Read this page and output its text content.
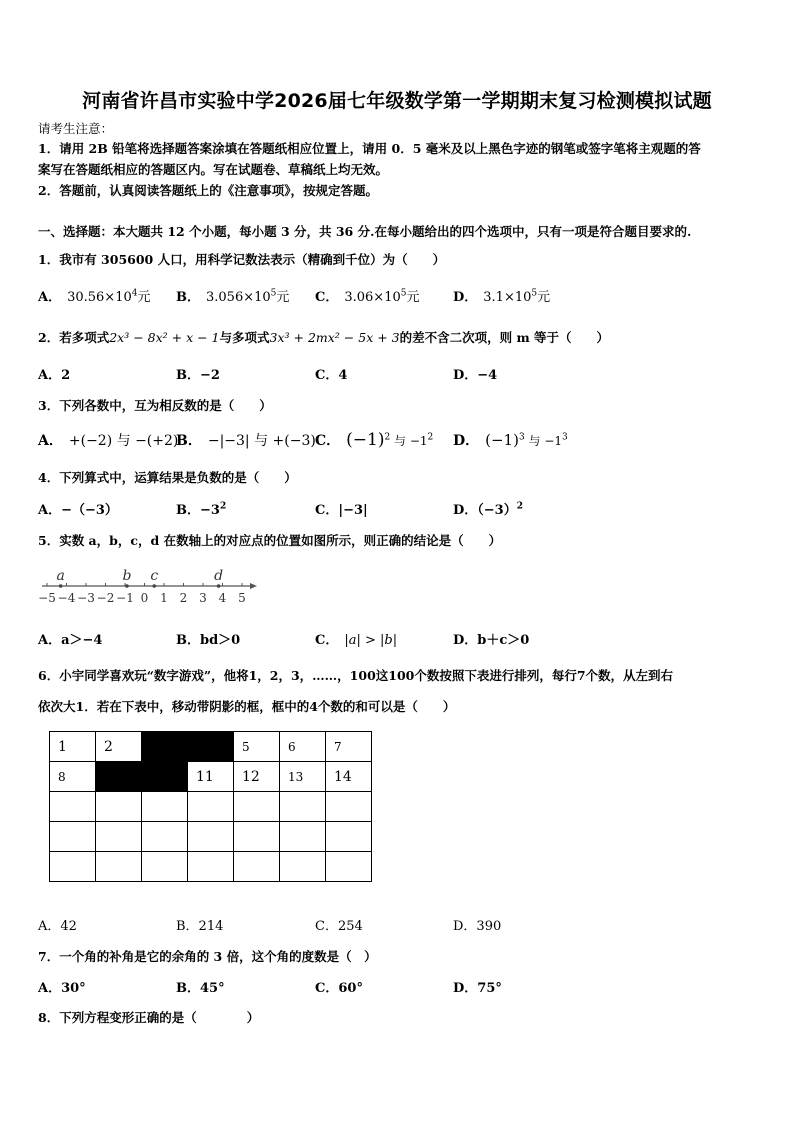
河南省许昌市实验中学2026届七年级数学第一学期期末复习检测模拟试题
请考生注意：
1．请用 2B 铅笔将选择题答案涂填在答题纸相应位置上，请用 0．5 毫米及以上黑色字迹的钢笔或签字笔将主观题的答
案写在答题纸相应的答题区内。写在试题卷、草稿纸上均无效。
2．答题前，认真阅读答题纸上的《注意事项》，按规定答题。
一、选择题：本大题共 12 个小题，每小题 3 分，共 36 分.在每小题给出的四个选项中，只有一项是符合题目要求的.
1．我市有 305600 人口，用科学记数法表示（精确到千位）为（　　）
A． $30.56\times 10^4$元 B． $3.056\times 10^5$元 C． $3.06\times 10^5$元	D． $3.1\times 10^5$元
2．若多项式2x³ − 8x² + x − 1与多项式3x³ + 2mx² − 5x + 3的差不含二次项，则 m 等于（　　）
A．2	B．−2	C．4	D．−4
3．下列各数中，互为相反数的是（　　）
A． +(−2) 与 −(+2)
B． −|−3| 与 +(−3) C． $(-1)^2$ 与 $-1^2$ D． $(-1)^3$ 与 $-1^3$
4．下列算式中，运算结果是负数的是（　　）
A．−（−3）	B．$-3^2$	C．|−3|	D．$(-3)^2$
5．实数 a，b，c，d 在数轴上的对应点的位置如图所示，则正确的结论是（　　）
−5 −4 −3 −2 −1 0 1 2 3 4 5
a	b c	d
A．a＞−4	B．bd＞0	C． |a| > |b|	D．b＋c＞0
6．小宇同学喜欢玩“数字游戏”，他将1，2，3，……，100这100个数按照下表进行排列，每行7个数，从左到右
依次大1．若在下表中，移动带阴影的框，框中的4个数的和可以是（　　）
1	2			5	6	7
8			11	12	13	14

A．42	B．214	C．254	D．390
7．一个角的补角是它的余角的 3 倍，这个角的度数是（　）
A．30°	B．45°	C．60°	D．75°
8．下列方程变形正确的是（　　　　）
